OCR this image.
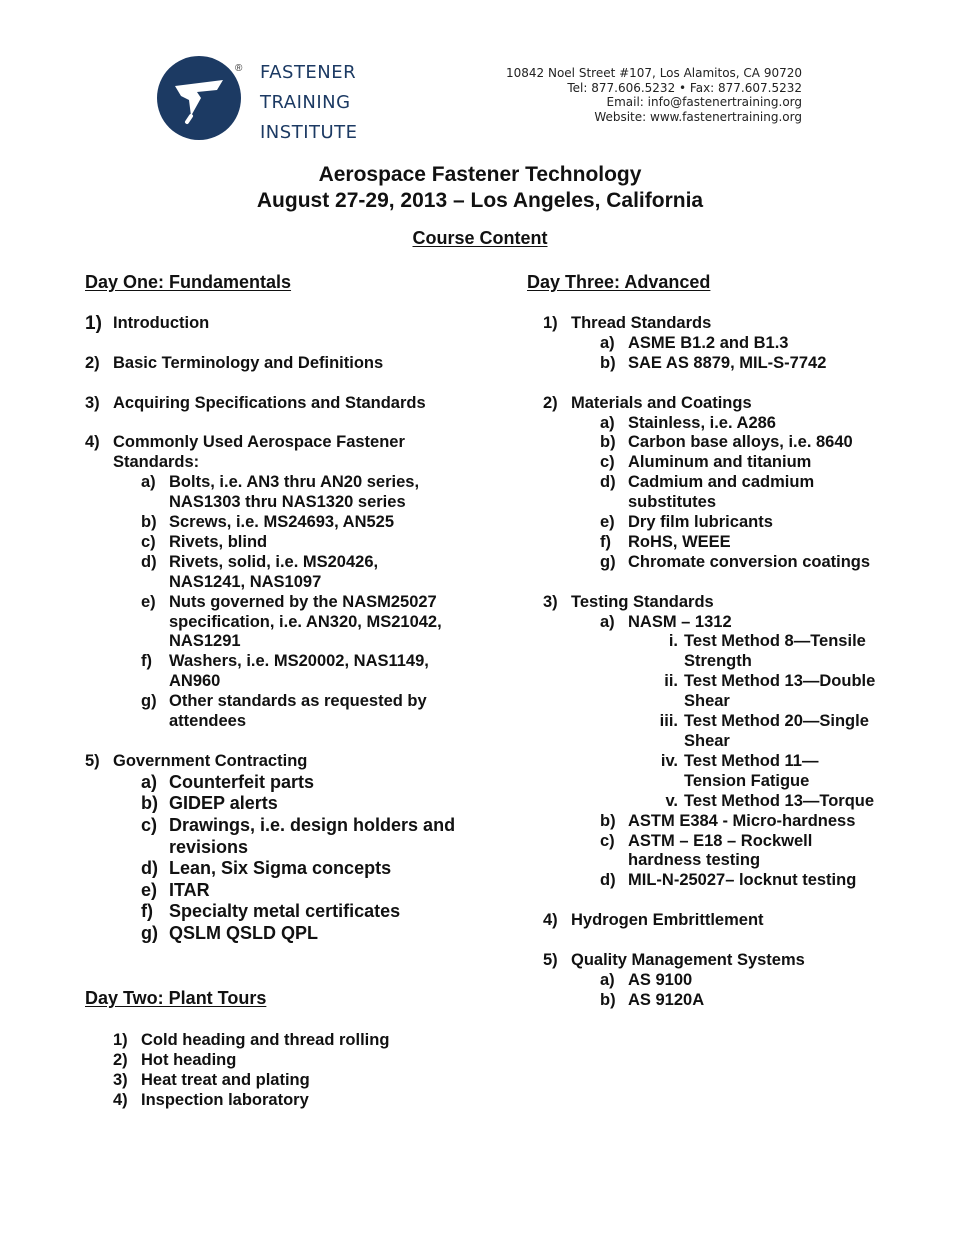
® FASTENER
TRAINING
INSTITUTE
10842 Noel Street #107, Los Alamitos, CA 90720
Tel: 877.606.5232 • Fax: 877.607.5232
Email: info@fastenertraining.org
Website: www.fastenertraining.org
Aerospace Fastener Technology
August 27-29, 2013 – Los Angeles, California
Course Content
Day One: Fundamentals	Day Three: Advanced
Day Two: Plant Tours
1) Introduction
2) Basic Terminology and Definitions
3) Acquiring Specifications and Standards
4) Commonly Used Aerospace Fastener Standards:
a) Bolts, i.e. AN3 thru AN20 series, NAS1303 thru NAS1320 series
b) Screws, i.e. MS24693, AN525
c) Rivets, blind
d) Rivets, solid, i.e. MS20426, NAS1241, NAS1097
e) Nuts governed by the NASM25027 specification, i.e. AN320, MS21042, NAS1291
f) Washers, i.e. MS20002, NAS1149, AN960
g) Other standards as requested by attendees
5) Government Contracting
a) Counterfeit parts
b) GIDEP alerts
c) Drawings, i.e. design holders and revisions
d) Lean, Six Sigma concepts
e) ITAR
f) Specialty metal certificates
g) QSLM QSLD QPL
1) Cold heading and thread rolling
2) Hot heading
3) Heat treat and plating
4) Inspection laboratory
1) Thread Standards
a) ASME B1.2 and B1.3
b) SAE AS 8879, MIL-S-7742
2) Materials and Coatings
a) Stainless, i.e. A286
b) Carbon base alloys, i.e. 8640
c) Aluminum and titanium
d) Cadmium and cadmium substitutes
e) Dry film lubricants
f) RoHS, WEEE
g) Chromate conversion coatings
3) Testing Standards
a) NASM – 1312
i. Test Method 8—Tensile Strength
ii. Test Method 13—Double Shear
iii. Test Method 20—Single Shear
iv. Test Method 11—Tension Fatigue
v. Test Method 13—Torque
b) ASTM E384 - Micro-hardness
c) ASTM – E18 – Rockwell hardness testing
d) MIL-N-25027– locknut testing
4) Hydrogen Embrittlement
5) Quality Management Systems
a) AS 9100
b) AS 9120A
